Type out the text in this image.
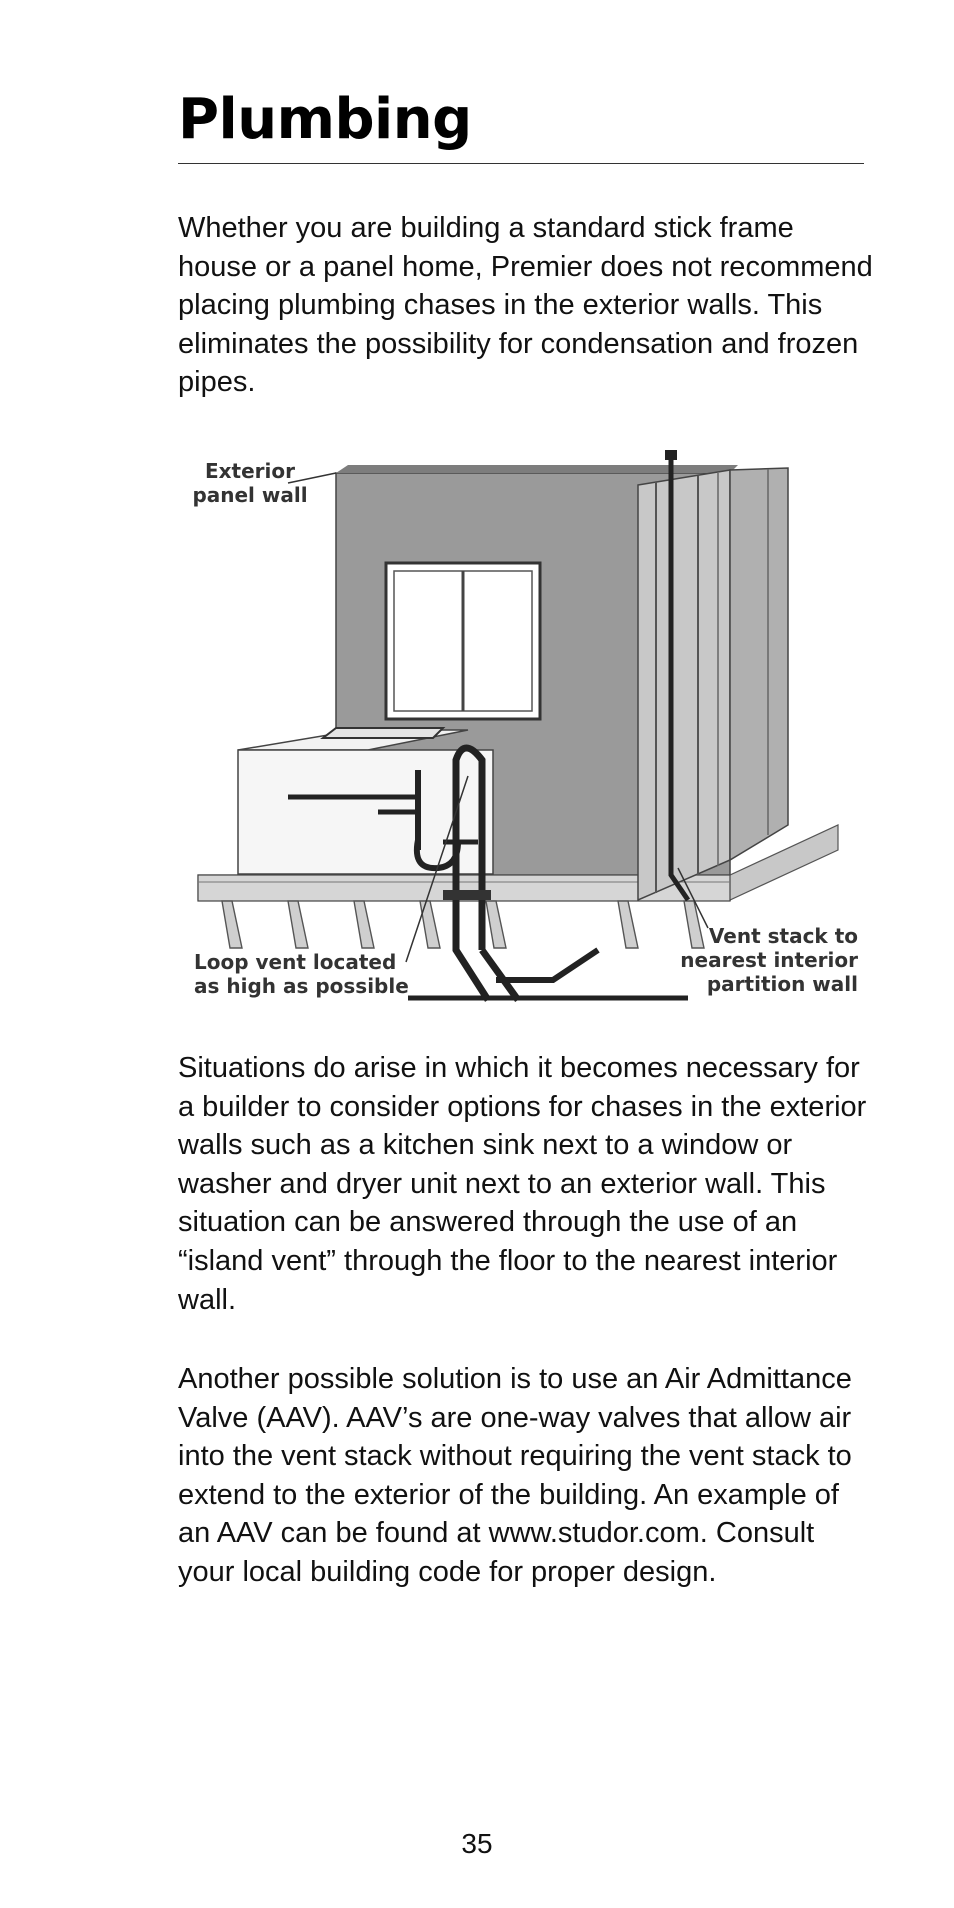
Plumbing

Whether you are building a standard stick frame house or a panel home, Premier does not recommend placing plumbing chases in the exterior walls. This eliminates the possibility for condensation and frozen pipes.

Exterior
panel wall
Loop vent located
as high as possible
Vent stack to
nearest interior
partition wall

Situations do arise in which it becomes necessary for a builder to consider options for chases in the exterior walls such as a kitchen sink next to a window or washer and dryer unit next to an exterior wall. This situation can be answered through the use of an “island vent” through the floor to the nearest interior wall.

Another possible solution is to use an Air Admittance Valve (AAV). AAV’s are one-way valves that allow air into the vent stack without requiring the vent stack to extend to the exterior of the building. An example of an AAV can be found at www.studor.com. Consult your local building code for proper design.

35
